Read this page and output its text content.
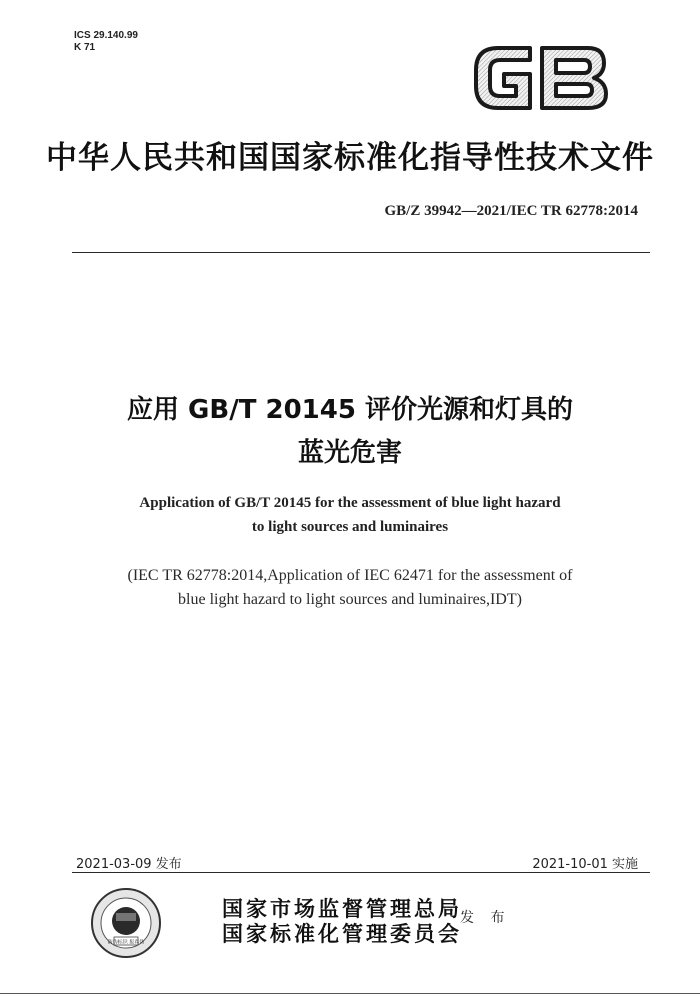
ICS 29.140.99
K 71
中华人民共和国国家标准化指导性技术文件
GB/Z 39942—2021/IEC TR 62778:2014
应用 GB/T 20145 评价光源和灯具的
蓝光危害
Application of GB/T 20145 for the assessment of blue light hazard
to light sources and luminaires
(IEC TR 62778:2014,Application of IEC 62471 for the assessment of
blue light hazard to light sources and luminaires,IDT)
2021-03-09 发布	2021-10-01 实施
防伪标识 报真伪
国家市场监督管理总局
国家标准化管理委员会
发 布
